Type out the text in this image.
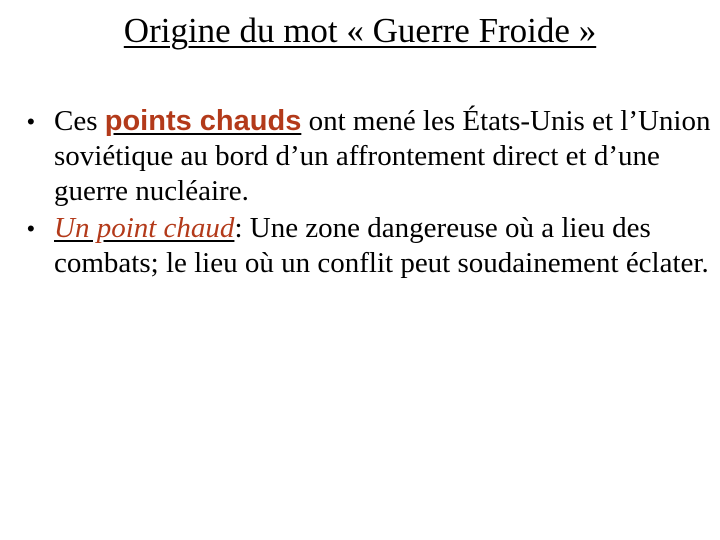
Origine du mot « Guerre Froide »
• Ces points chauds ont mené les États-Unis et l’Union soviétique au bord d’un affrontement direct et d’une guerre nucléaire.
• Un point chaud: Une zone dangereuse où a lieu des combats; le lieu où un conflit peut soudainement éclater.
